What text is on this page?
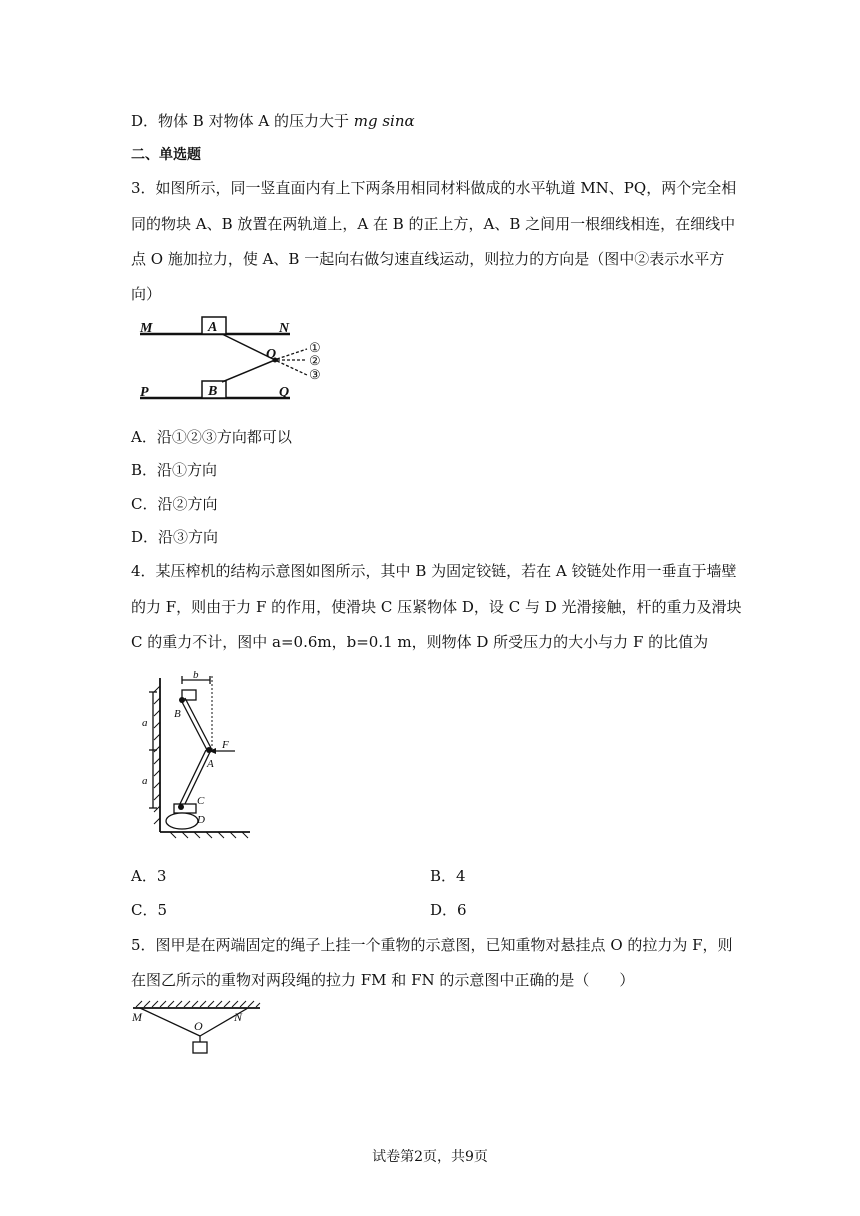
D．物体 B 对物体 A 的压力大于 mg sinα
二、单选题
3．如图所示，同一竖直面内有上下两条用相同材料做成的水平轨道 MN、PQ，两个完全相
同的物块 A、B 放置在两轨道上，A 在 B 的正上方，A、B 之间用一根细线相连，在细线中
点 O 施加拉力，使 A、B 一起向右做匀速直线运动，则拉力的方向是（图中②表示水平方
向）
M	N
P	Q
A
B
O	①
②
③
A．沿①②③方向都可以
B．沿①方向
C．沿②方向
D．沿③方向
4．某压榨机的结构示意图如图所示，其中 B 为固定铰链，若在 A 铰链处作用一垂直于墙壁
的力 F，则由于力 F 的作用，使滑块 C 压紧物体 D，设 C 与 D 光滑接触，杆的重力及滑块
C 的重力不计，图中 a=0.6m，b=0.1 m，则物体 D 所受压力的大小与力 F 的比值为
a
a
b
B
A
F
C
D
A．3	B．4
C．5	D．6
5．图甲是在两端固定的绳子上挂一个重物的示意图，已知重物对悬挂点 O 的拉力为 F，则
在图乙所示的重物对两段绳的拉力 FM 和 FN 的示意图中正确的是（　　）
M	N
O
试卷第2页，共9页
